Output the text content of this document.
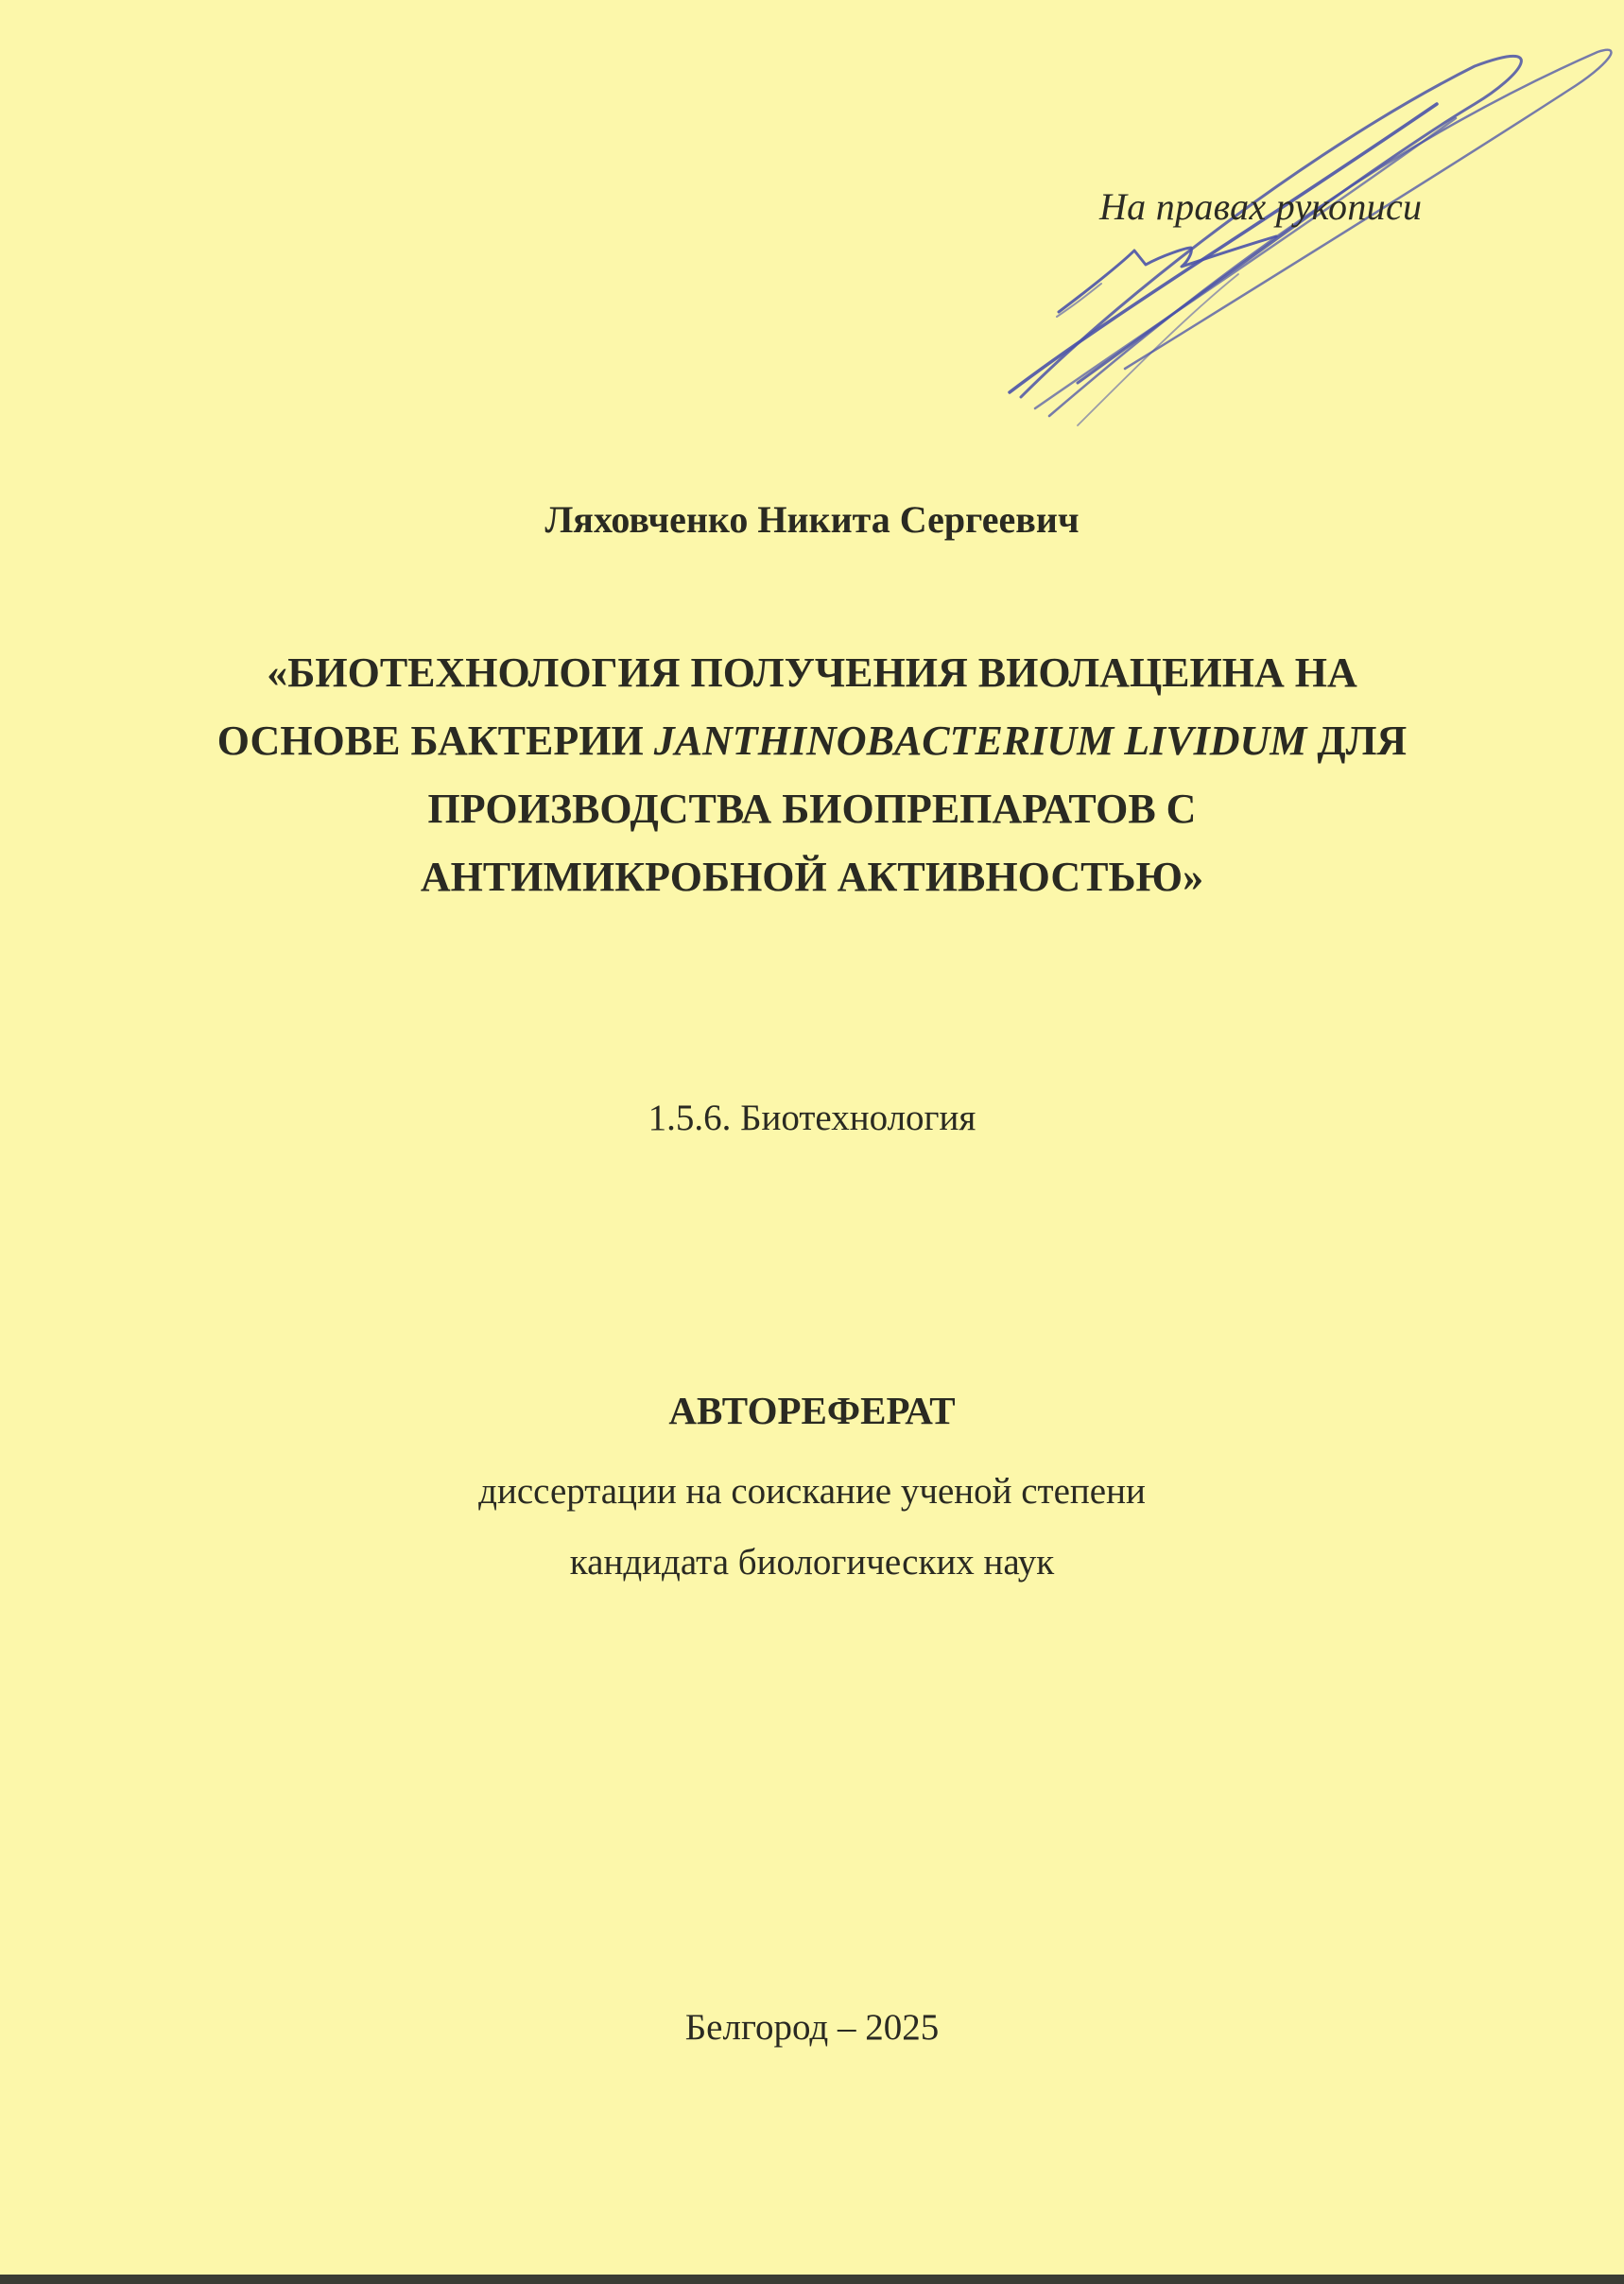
На правах рукописи
Ляховченко Никита Сергеевич
«БИОТЕХНОЛОГИЯ ПОЛУЧЕНИЯ ВИОЛАЦЕИНА НА
ОСНОВЕ БАКТЕРИИ JANTHINOBACTERIUM LIVIDUM ДЛЯ
ПРОИЗВОДСТВА БИОПРЕПАРАТОВ С
АНТИМИКРОБНОЙ АКТИВНОСТЬЮ»
1.5.6. Биотехнология
АВТОРЕФЕРАТ
диссертации на соискание ученой степени
кандидата биологических наук
Белгород – 2025
